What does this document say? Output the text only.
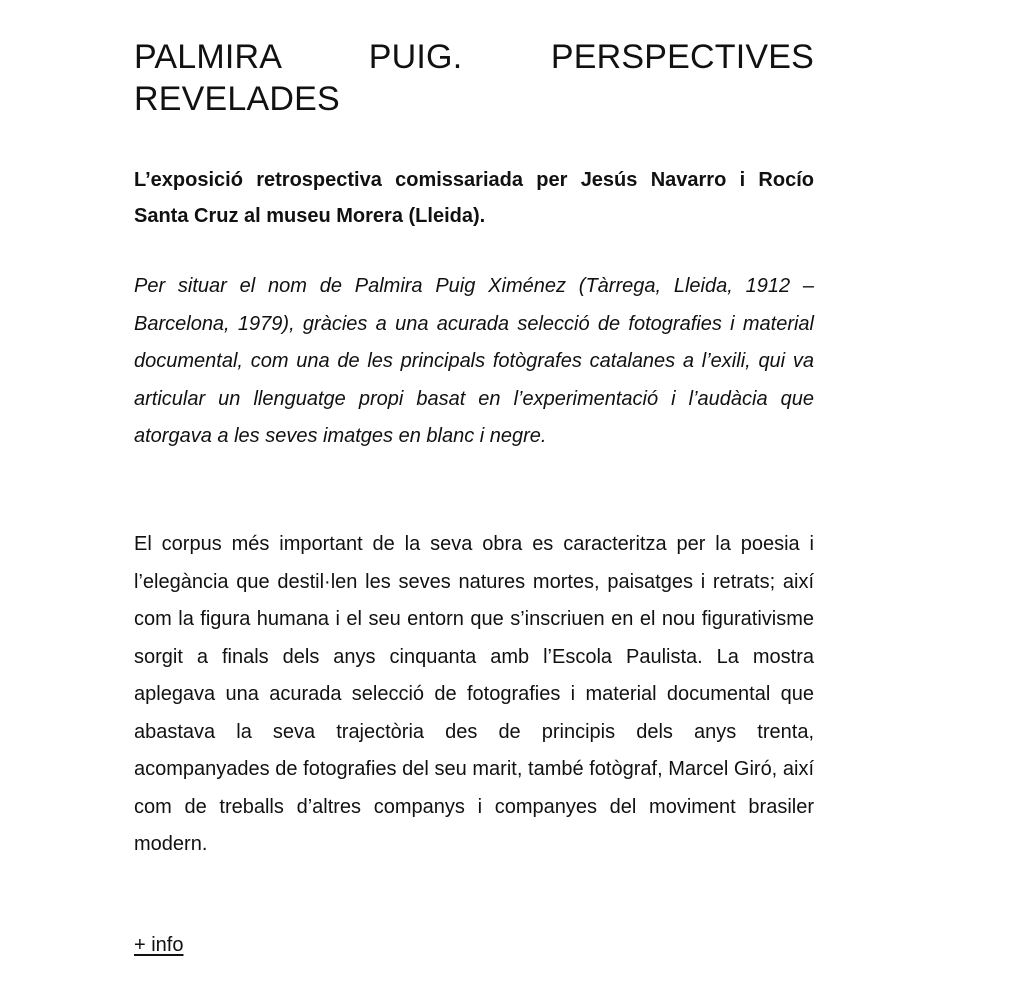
PALMIRA PUIG. PERSPECTIVES REVELADES

L’exposició retrospectiva comissariada per Jesús Navarro i Rocío Santa Cruz al museu Morera (Lleida).

Per situar el nom de Palmira Puig Ximénez (Tàrrega, Lleida, 1912 – Barcelona, 1979), gràcies a una acurada selecció de fotografies i material documental, com una de les principals fotògrafes catalanes a l’exili, qui va articular un llenguatge propi basat en l’experimentació i l’audàcia que atorgava a les seves imatges en blanc i negre.

El corpus més important de la seva obra es caracteritza per la poesia i l’elegància que destil·len les seves natures mortes, paisatges i retrats; així com la figura humana i el seu entorn que s’inscriuen en el nou figurativisme sorgit a finals dels anys cinquanta amb l’Escola Paulista. La mostra aplegava una acurada selecció de fotografies i material documental que abastava la seva trajectòria des de principis dels anys trenta, acompanyades de fotografies del seu marit, també fotògraf, Marcel Giró, així com de treballs d’altres companys i companyes del moviment brasiler modern.

+ info
